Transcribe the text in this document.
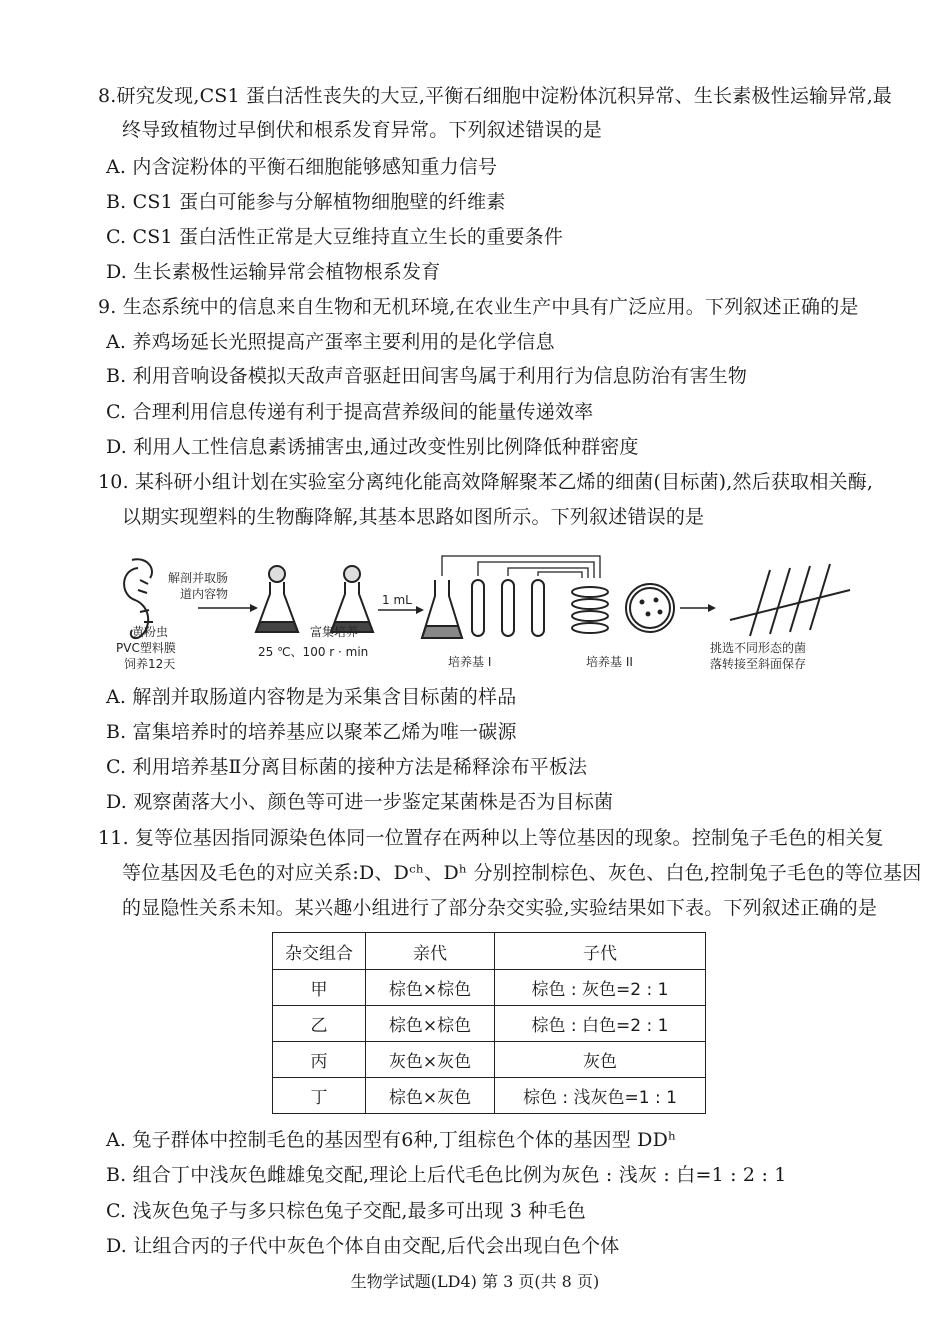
8.研究发现,CS1 蛋白活性丧失的大豆,平衡石细胞中淀粉体沉积异常、生长素极性运输异常,最
终导致植物过早倒伏和根系发育异常。下列叙述错误的是
A. 内含淀粉体的平衡石细胞能够感知重力信号
B. CS1 蛋白可能参与分解植物细胞壁的纤维素
C. CS1 蛋白活性正常是大豆维持直立生长的重要条件
D. 生长素极性运输异常会植物根系发育
9. 生态系统中的信息来自生物和无机环境,在农业生产中具有广泛应用。下列叙述正确的是
A. 养鸡场延长光照提高产蛋率主要利用的是化学信息
B. 利用音响设备模拟天敌声音驱赶田间害鸟属于利用行为信息防治有害生物
C. 合理利用信息传递有利于提高营养级间的能量传递效率
D. 利用人工性信息素诱捕害虫,通过改变性别比例降低种群密度
10. 某科研小组计划在实验室分离纯化能高效降解聚苯乙烯的细菌(目标菌),然后获取相关酶,
以期实现塑料的生物酶降解,其基本思路如图所示。下列叙述错误的是
解剖并取肠
道内容物
黄粉虫
PVC塑料膜
饲养12天
富集培养
25 ℃、100 r · min
1 mL
培养基 I	培养基 II
挑选不同形态的菌
落转接至斜面保存
A. 解剖并取肠道内容物是为采集含目标菌的样品
B. 富集培养时的培养基应以聚苯乙烯为唯一碳源
C. 利用培养基Ⅱ分离目标菌的接种方法是稀释涂布平板法
D. 观察菌落大小、颜色等可进一步鉴定某菌株是否为目标菌
11. 复等位基因指同源染色体同一位置存在两种以上等位基因的现象。控制兔子毛色的相关复
等位基因及毛色的对应关系:D、Dᶜʰ、Dʰ 分别控制棕色、灰色、白色,控制兔子毛色的等位基因
的显隐性关系未知。某兴趣小组进行了部分杂交实验,实验结果如下表。下列叙述正确的是
杂交组合	亲代	子代
甲	棕色×棕色	棕色 : 灰色=2 : 1
乙	棕色×棕色	棕色 : 白色=2 : 1
丙	灰色×灰色	灰色
丁	棕色×灰色	棕色 : 浅灰色=1 : 1
A. 兔子群体中控制毛色的基因型有6种,丁组棕色个体的基因型 DDʰ
B. 组合丁中浅灰色雌雄兔交配,理论上后代毛色比例为灰色 : 浅灰 : 白=1 : 2 : 1
C. 浅灰色兔子与多只棕色兔子交配,最多可出现 3 种毛色
D. 让组合丙的子代中灰色个体自由交配,后代会出现白色个体
生物学试题(LD4) 第 3 页(共 8 页)
